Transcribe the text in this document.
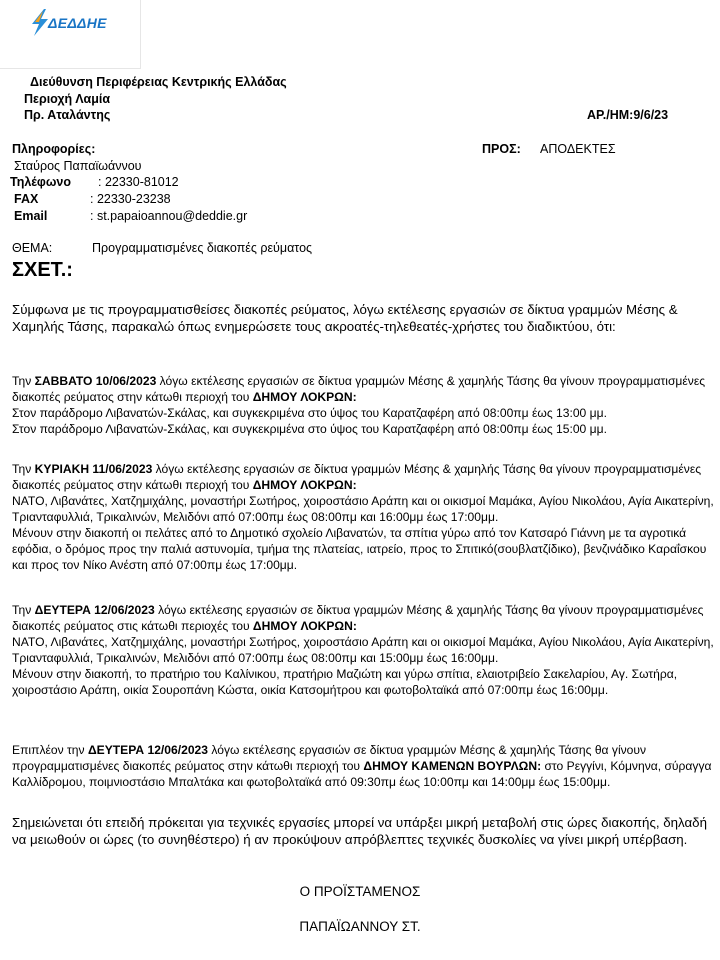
ΔΕΔΔΗΕ
Διεύθυνση Περιφέρειας Κεντρικής Ελλάδας
Περιοχή Λαμία
Πρ. Αταλάντης	ΑΡ./ΗΜ:9/6/23
Πληροφορίες:
Σταύρος Παπαϊωάννου
Τηλέφωνο : 22330-81012
FAX	: 22330-23238
Email	: st.papaioannou@deddie.gr
ΠΡΟΣ: ΑΠΟΔΕΚΤΕΣ
ΘΕΜΑ:	Προγραμματισμένες διακοπές ρεύματος
ΣΧΕΤ.:
Σύμφωνα με τις προγραμματισθείσες διακοπές ρεύματος, λόγω εκτέλεσης εργασιών σε δίκτυα γραμμών Μέσης & Χαμηλής Τάσης, παρακαλώ όπως ενημερώσετε τους ακροατές-τηλεθεατές-χρήστες του διαδικτύου, ότι:
Την ΣΑΒΒΑΤΟ 10/06/2023 λόγω εκτέλεσης εργασιών σε δίκτυα γραμμών Μέσης & χαμηλής Τάσης θα γίνουν προγραμματισμένες διακοπές ρεύματος στην κάτωθι περιοχή του ΔΗΜΟΥ ΛΟΚΡΩΝ:
Στον παράδρομο Λιβανατών-Σκάλας, και συγκεκριμένα στο ύψος του Καρατζαφέρη από 08:00πμ έως 13:00 μμ.
Στον παράδρομο Λιβανατών-Σκάλας, και συγκεκριμένα στο ύψος του Καρατζαφέρη από 08:00πμ έως 15:00 μμ.
Την ΚΥΡΙΑΚΗ 11/06/2023 λόγω εκτέλεσης εργασιών σε δίκτυα γραμμών Μέσης & χαμηλής Τάσης θα γίνουν προγραμματισμένες διακοπές ρεύματος στην κάτωθι περιοχή του ΔΗΜΟΥ ΛΟΚΡΩΝ:
ΝΑΤΟ, Λιβανάτες, Χατζημιχάλης, μοναστήρι Σωτήρος, χοιροστάσιο Αράπη και οι οικισμοί Μαμάκα, Αγίου Νικολάου, Αγία Αικατερίνη, Τριανταφυλλιά, Τρικαλινών, Μελιδόνι από 07:00πμ έως 08:00πμ και 16:00μμ έως 17:00μμ.
Μένουν στην διακοπή οι πελάτες από το Δημοτικό σχολείο Λιβανατών, τα σπίτια γύρω από τον Κατσαρό Γιάννη με τα αγροτικά εφόδια, ο δρόμος προς την παλιά αστυνομία, τμήμα της πλατείας, ιατρείο, προς το Σπιτικό(σουβλατζίδικο), βενζινάδικο Καραΐσκου και προς τον Νίκο Ανέστη από 07:00πμ έως 17:00μμ.
Την ΔΕΥΤΕΡΑ 12/06/2023 λόγω εκτέλεσης εργασιών σε δίκτυα γραμμών Μέσης & χαμηλής Τάσης θα γίνουν προγραμματισμένες διακοπές ρεύματος στις κάτωθι περιοχές του ΔΗΜΟΥ ΛΟΚΡΩΝ:
ΝΑΤΟ, Λιβανάτες, Χατζημιχάλης, μοναστήρι Σωτήρος, χοιροστάσιο Αράπη και οι οικισμοί Μαμάκα, Αγίου Νικολάου, Αγία Αικατερίνη, Τριανταφυλλιά, Τρικαλινών, Μελιδόνι από 07:00πμ έως 08:00πμ και 15:00μμ έως 16:00μμ.
Μένουν στην διακοπή, το πρατήριο του Καλίνικου, πρατήριο Μαζιώτη και γύρω σπίτια, ελαιοτριβείο Σακελαρίου, Αγ. Σωτήρα, χοιροστάσιο Αράπη, οικία Σουροπάνη Κώστα, οικία Κατσομήτρου και φωτοβολταϊκά από 07:00πμ έως 16:00μμ.
Επιπλέον την ΔΕΥΤΕΡΑ 12/06/2023 λόγω εκτέλεσης εργασιών σε δίκτυα γραμμών Μέσης & χαμηλής Τάσης θα γίνουν προγραμματισμένες διακοπές ρεύματος στην κάτωθι περιοχή του ΔΗΜΟΥ ΚΑΜΕΝΩΝ ΒΟΥΡΛΩΝ: στο Ρεγγίνι, Κόμνηνα, σύραγγα Καλλίδρομου, ποιμνιοστάσιο Μπαλτάκα και φωτοβολταϊκά από 09:30πμ έως 10:00πμ και 14:00μμ έως 15:00μμ.
Σημειώνεται ότι επειδή πρόκειται για τεχνικές εργασίες μπορεί να υπάρξει μικρή μεταβολή στις ώρες διακοπής, δηλαδή να μειωθούν οι ώρες (το συνηθέστερο) ή αν προκύψουν απρόβλεπτες τεχνικές δυσκολίες να γίνει μικρή υπέρβαση.
Ο ΠΡΟΪΣΤΑΜΕΝΟΣ
ΠΑΠΑΪΩΑΝΝΟΥ ΣΤ.
